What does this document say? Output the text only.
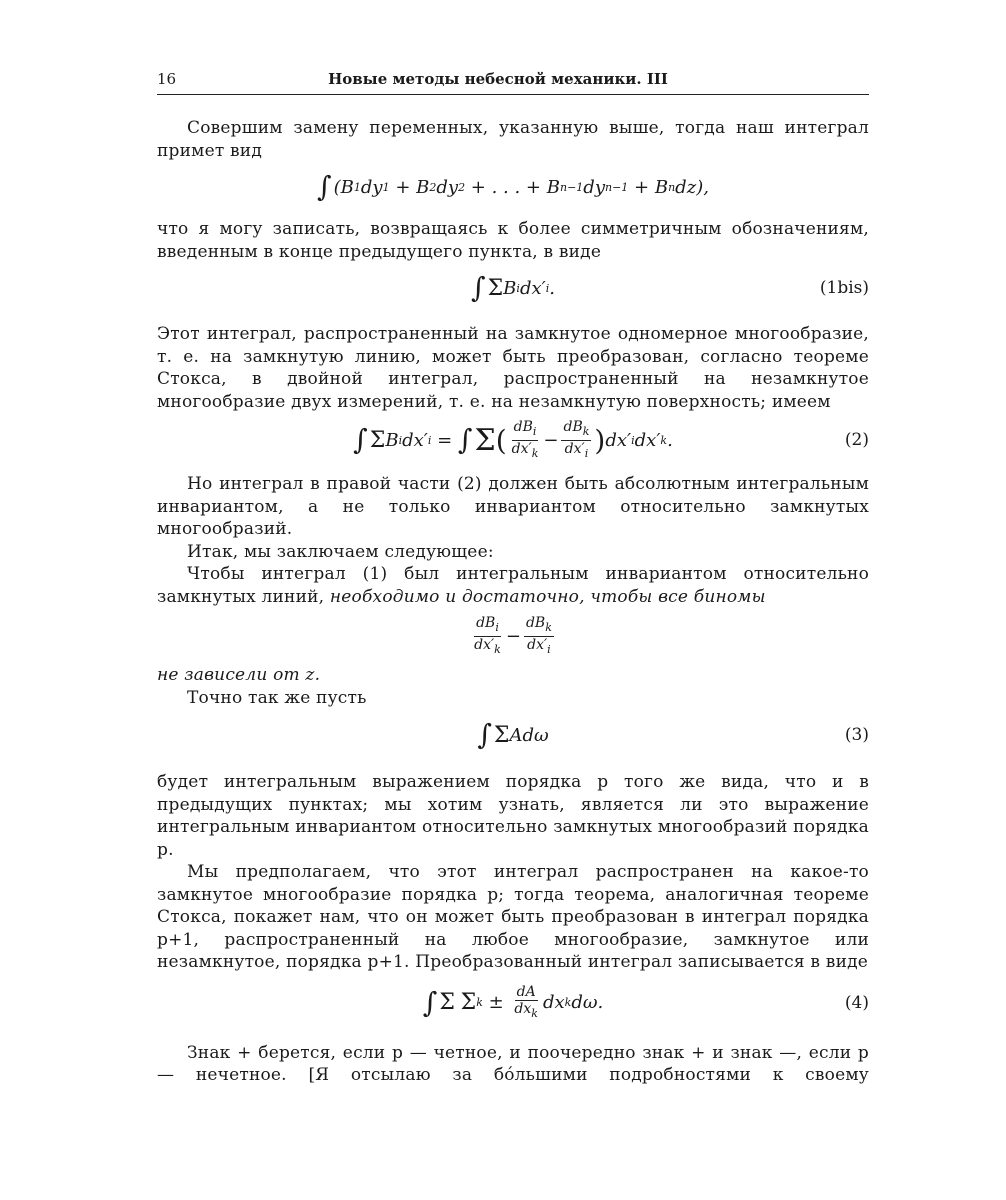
16	Новые методы небесной механики. III

Совершим замену переменных, указанную выше, тогда наш интеграл примет вид

∫ ( B 1 dy 1 + B 2 dy 2 + . . . + B n−1 dy n−1 + B n dz ),

что я могу записать, возвращаясь к более симметричным обозначениям, введенным в конце предыдущего пункта, в виде

∫ Σ B i dx′ i .	(1bis)

Этот интеграл, распространенный на замкнутое одномерное многообразие, т. е. на замкнутую линию, может быть преобразован, согласно теореме Стокса, в двойной интеграл, распространенный на незамкнутое многообразие двух измерений, т. е. на незамкнутую поверхность; имеем

∫ Σ B i dx′ i = ∫ Σ ( $\frac{dB_i}{dx'_k} - \frac{dB_k}{dx'_i}$ ) dx′ i dx′ k .	(2)

Но интеграл в правой части (2) должен быть абсолютным интегральным инвариантом, а не только инвариантом относительно замкнутых многообразий.

Итак, мы заключаем следующее:

Чтобы интеграл (1) был интегральным инвариантом относительно замкнутых линий, необходимо и достаточно, чтобы все биномы

$\frac{dB_i}{dx'_k} - \frac{dB_k}{dx'_i}$

не зависели от z.

Точно так же пусть

∫ Σ A dω	(3)

будет интегральным выражением порядка p того же вида, что и в предыдущих пунктах; мы хотим узнать, является ли это выражение интегральным инвариантом относительно замкнутых многообразий порядка p.

Мы предполагаем, что этот интеграл распространен на какое-то замкнутое многообразие порядка p; тогда теорема, аналогичная теореме Стокса, покажет нам, что он может быть преобразован в интеграл порядка p+1, распространенный на любое многообразие, замкнутое или незамкнутое, порядка p+1. Преобразованный интеграл записывается в виде

∫ Σ
Σ $k \pm \frac{dA}{dx_k}$ dx k dω.	(4)

Знак + берется, если p — четное, и поочередно знак + и знак —, если p — нечетное. [Я отсылаю за бóльшими подробностями к своему
